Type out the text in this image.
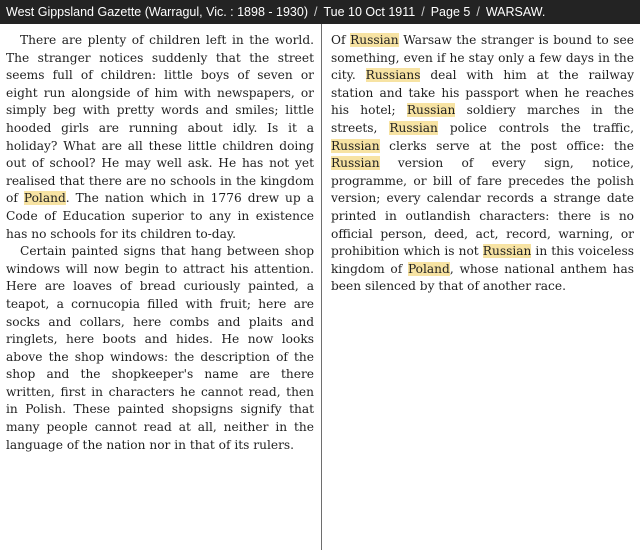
West Gippsland Gazette (Warragul, Vic. : 1898 - 1930) / Tue 10 Oct 1911 / Page 5 / WARSAW.

There are plenty of children left in the world. The stranger notices suddenly that the street seems full of children: little boys of seven or eight run alongside of him with newspapers, or simply beg with pretty words and smiles; little hooded girls are running about idly. Is it a holiday? What are all these little children doing out of school? He may well ask. He has not yet realised that there are no schools in the kingdom of Poland. The nation which in 1776 drew up a Code of Education superior to any in existence has no schools for its children to-day.

Certain painted signs that hang between shop windows will now begin to attract his attention. Here are loaves of bread curiously painted, a teapot, a cornucopia filled with fruit; here are socks and collars, here combs and plaits and ringlets, here boots and hides. He now looks above the shop windows: the description of the shop and the shopkeeper's name are there written, first in characters he cannot read, then in Polish. These painted shopsigns signify that many people cannot read at all, neither in the language of the nation nor in that of its rulers.

Of Russian Warsaw the stranger is bound to see something, even if he stay only a few days in the city. Russians deal with him at the railway station and take his passport when he reaches his hotel; Russian soldiery marches in the streets, Russian police controls the traffic, Russian clerks serve at the post office: the Russian version of every sign, notice, programme, or bill of fare precedes the polish version; every calendar records a strange date printed in outlandish characters: there is no official person, deed, act, record, warning, or prohibition which is not Russian in this voiceless kingdom of Poland, whose national anthem has been silenced by that of another race.
